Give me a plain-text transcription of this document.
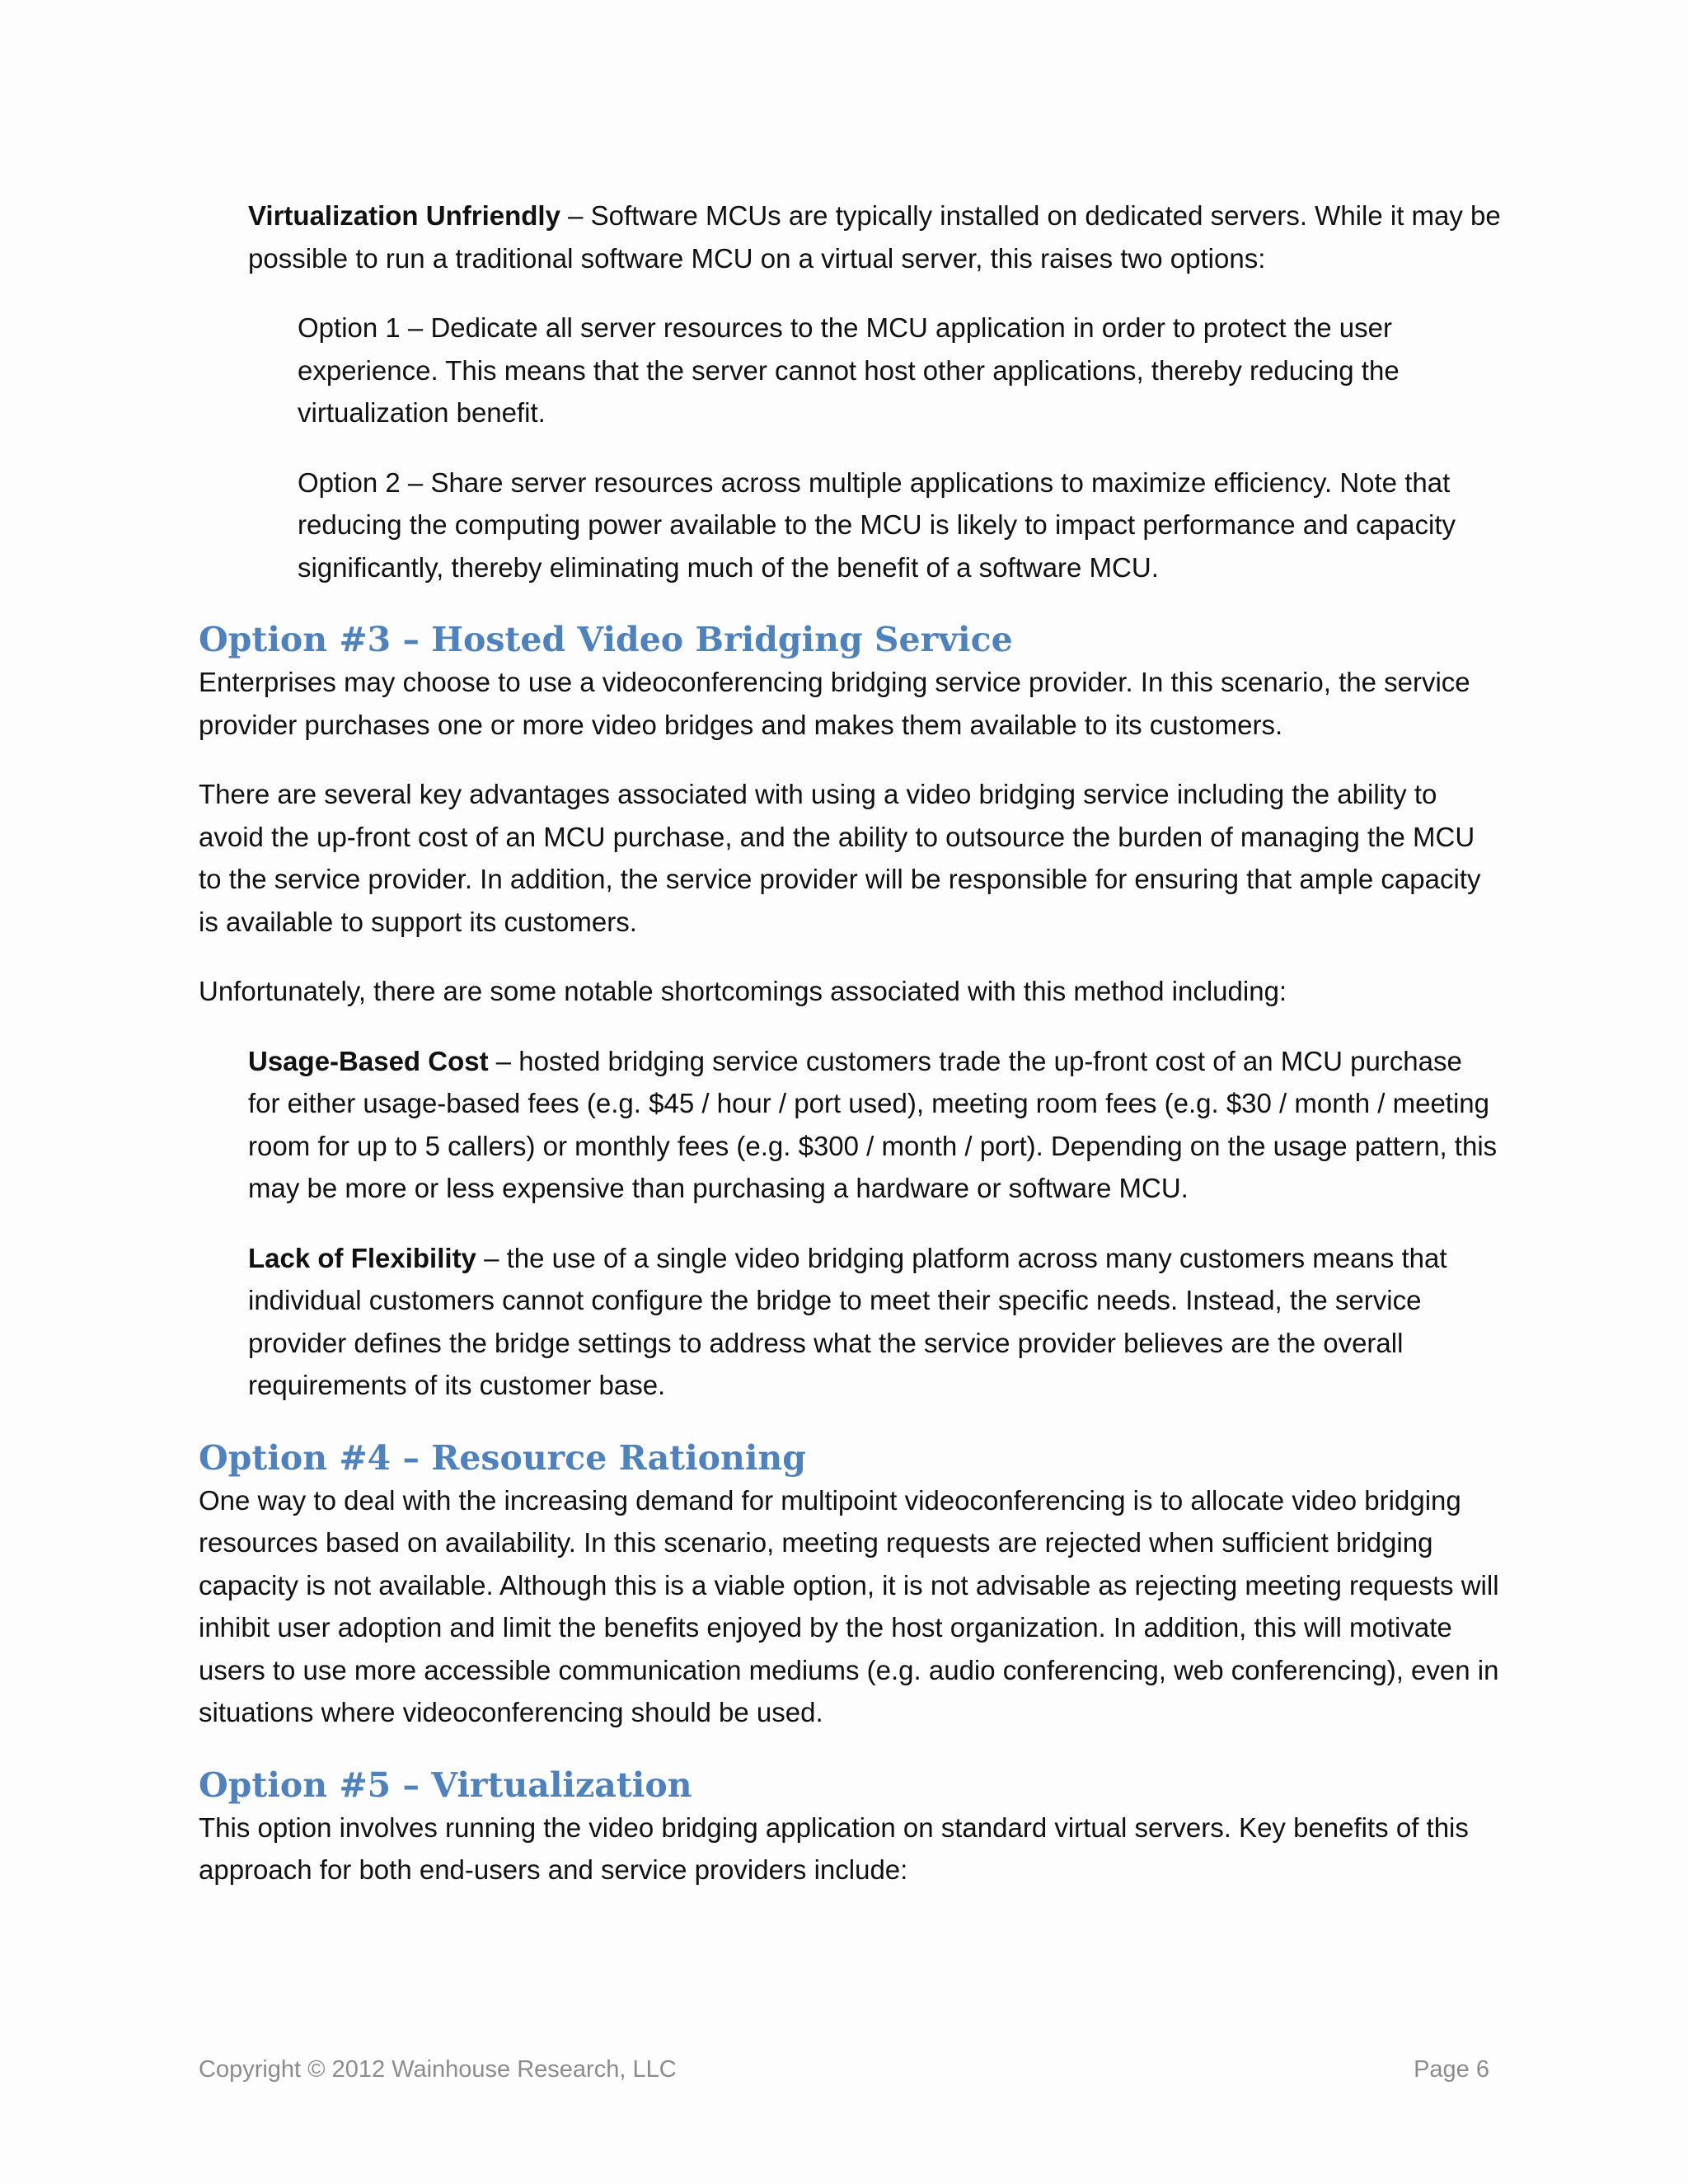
Virtualization Unfriendly – Software MCUs are typically installed on dedicated servers. While it may be possible to run a traditional software MCU on a virtual server, this raises two options:

Option 1 – Dedicate all server resources to the MCU application in order to protect the user experience. This means that the server cannot host other applications, thereby reducing the virtualization benefit.

Option 2 – Share server resources across multiple applications to maximize efficiency. Note that reducing the computing power available to the MCU is likely to impact performance and capacity significantly, thereby eliminating much of the benefit of a software MCU.

Option #3 – Hosted Video Bridging Service

Enterprises may choose to use a videoconferencing bridging service provider. In this scenario, the service provider purchases one or more video bridges and makes them available to its customers.

There are several key advantages associated with using a video bridging service including the ability to avoid the up-front cost of an MCU purchase, and the ability to outsource the burden of managing the MCU to the service provider. In addition, the service provider will be responsible for ensuring that ample capacity is available to support its customers.

Unfortunately, there are some notable shortcomings associated with this method including:

Usage-Based Cost – hosted bridging service customers trade the up-front cost of an MCU purchase for either usage-based fees (e.g. $45 / hour / port used), meeting room fees (e.g. $30 / month / meeting room for up to 5 callers) or monthly fees (e.g. $300 / month / port). Depending on the usage pattern, this may be more or less expensive than purchasing a hardware or software MCU.

Lack of Flexibility – the use of a single video bridging platform across many customers means that individual customers cannot configure the bridge to meet their specific needs. Instead, the service provider defines the bridge settings to address what the service provider believes are the overall requirements of its customer base.

Option #4 – Resource Rationing

One way to deal with the increasing demand for multipoint videoconferencing is to allocate video bridging resources based on availability. In this scenario, meeting requests are rejected when sufficient bridging capacity is not available. Although this is a viable option, it is not advisable as rejecting meeting requests will inhibit user adoption and limit the benefits enjoyed by the host organization. In addition, this will motivate users to use more accessible communication mediums (e.g. audio conferencing, web conferencing), even in situations where videoconferencing should be used.

Option #5 – Virtualization

This option involves running the video bridging application on standard virtual servers. Key benefits of this approach for both end-users and service providers include:

Copyright © 2012 Wainhouse Research, LLC	Page 6
